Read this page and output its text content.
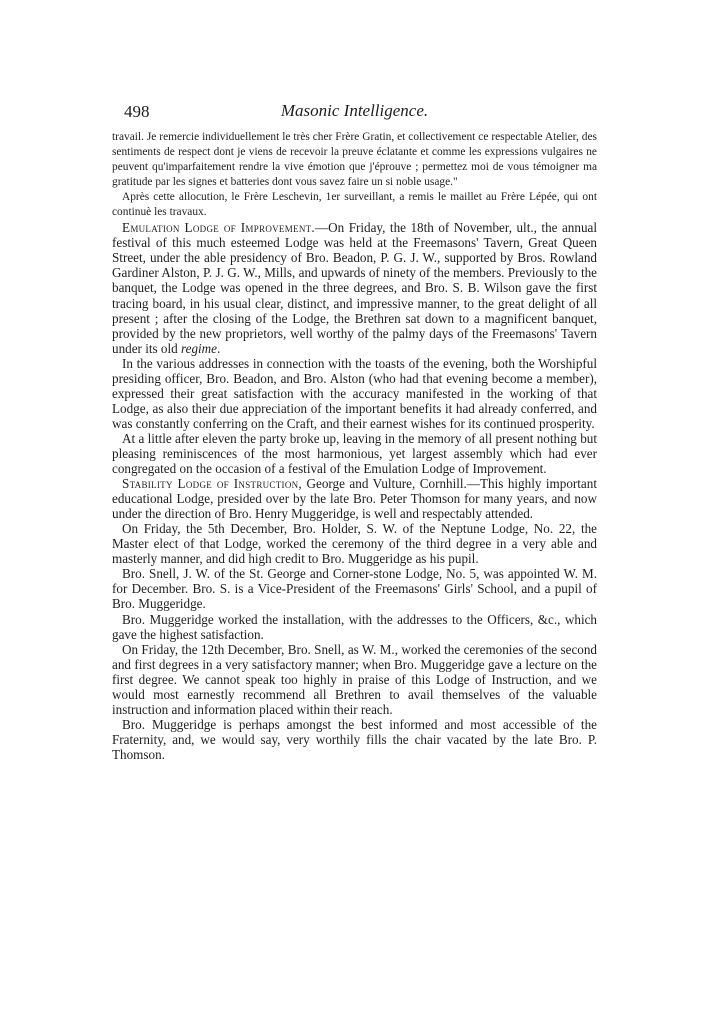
498	Masonic Intelligence.

travail. Je remercie individuellement le très cher Frère Gratin, et collectivement ce respectable Atelier, des sentiments de respect dont je viens de recevoir la preuve éclatante et comme les expressions vulgaires ne peuvent qu'imparfaitement rendre la vive émotion que j'éprouve ; permettez moi de vous témoigner ma gratitude par les signes et batteries dont vous savez faire un si noble usage."

Après cette allocution, le Frère Leschevin, 1er surveillant, a remis le maillet au Frère Lépée, qui ont continuè les travaux.

Emulation Lodge of Improvement.—On Friday, the 18th of November, ult., the annual festival of this much esteemed Lodge was held at the Freemasons' Tavern, Great Queen Street, under the able presidency of Bro. Beadon, P. G. J. W., supported by Bros. Rowland Gardiner Alston, P. J. G. W., Mills, and upwards of ninety of the members. Previously to the banquet, the Lodge was opened in the three degrees, and Bro. S. B. Wilson gave the first tracing board, in his usual clear, distinct, and impressive manner, to the great delight of all present ; after the closing of the Lodge, the Brethren sat down to a magnificent banquet, provided by the new proprietors, well worthy of the palmy days of the Freemasons' Tavern under its old regime.

In the various addresses in connection with the toasts of the evening, both the Worshipful presiding officer, Bro. Beadon, and Bro. Alston (who had that evening become a member), expressed their great satisfaction with the accuracy manifested in the working of that Lodge, as also their due appreciation of the important benefits it had already conferred, and was constantly conferring on the Craft, and their earnest wishes for its continued prosperity.

At a little after eleven the party broke up, leaving in the memory of all present nothing but pleasing reminiscences of the most harmonious, yet largest assembly which had ever congregated on the occasion of a festival of the Emulation Lodge of Improvement.

Stability Lodge of Instruction, George and Vulture, Cornhill.—This highly important educational Lodge, presided over by the late Bro. Peter Thomson for many years, and now under the direction of Bro. Henry Muggeridge, is well and respectably attended.

On Friday, the 5th December, Bro. Holder, S. W. of the Neptune Lodge, No. 22, the Master elect of that Lodge, worked the ceremony of the third degree in a very able and masterly manner, and did high credit to Bro. Muggeridge as his pupil.

Bro. Snell, J. W. of the St. George and Corner-stone Lodge, No. 5, was appointed W. M. for December. Bro. S. is a Vice-President of the Freemasons' Girls' School, and a pupil of Bro. Muggeridge.

Bro. Muggeridge worked the installation, with the addresses to the Officers, &c., which gave the highest satisfaction.

On Friday, the 12th December, Bro. Snell, as W. M., worked the ceremonies of the second and first degrees in a very satisfactory manner; when Bro. Muggeridge gave a lecture on the first degree. We cannot speak too highly in praise of this Lodge of Instruction, and we would most earnestly recommend all Brethren to avail themselves of the valuable instruction and information placed within their reach.

Bro. Muggeridge is perhaps amongst the best informed and most accessible of the Fraternity, and, we would say, very worthily fills the chair vacated by the late Bro. P. Thomson.
